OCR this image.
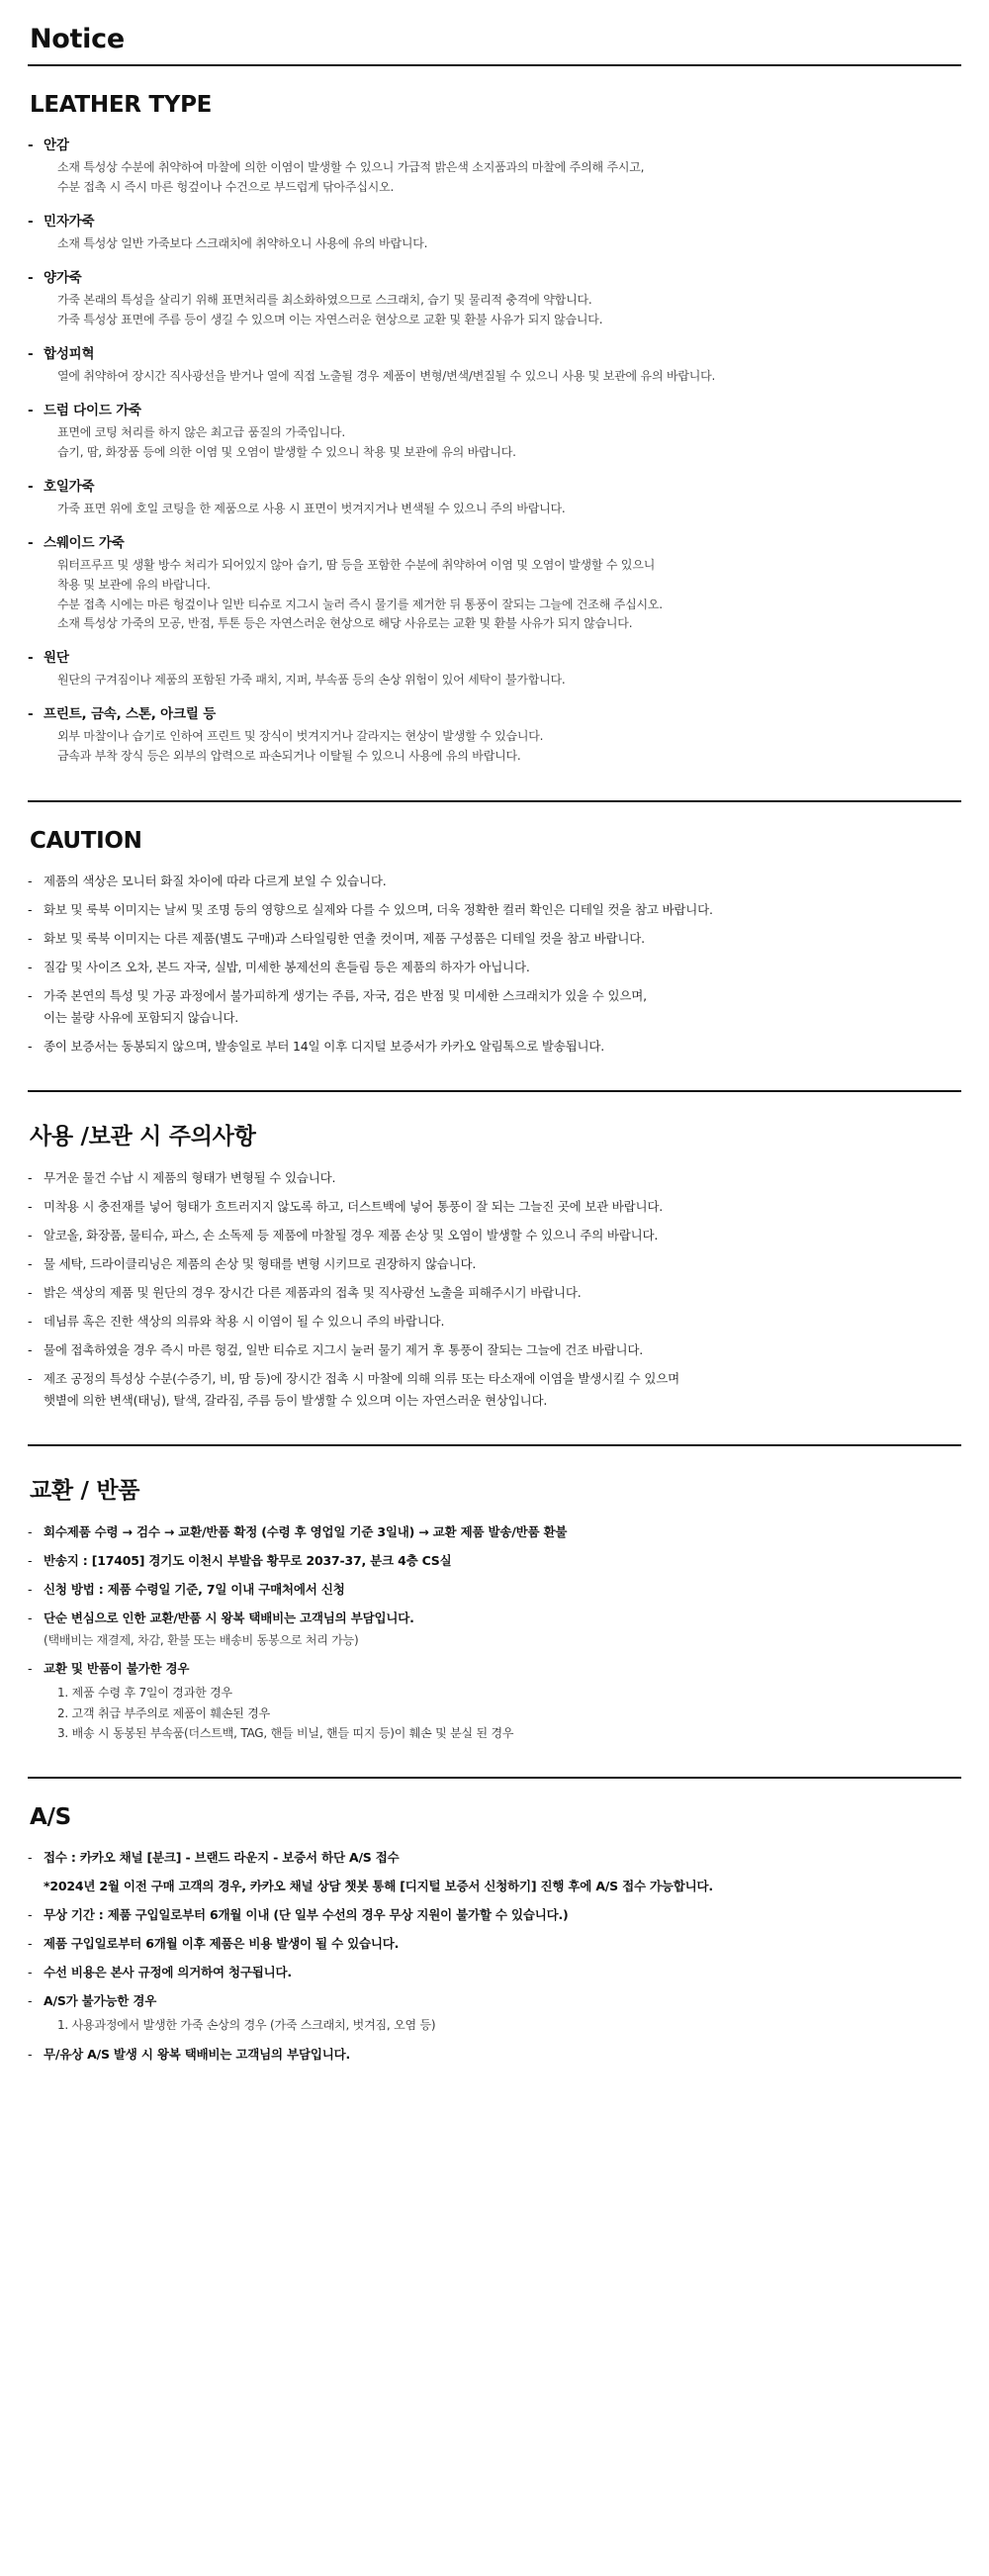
Notice
LEATHER TYPE
- 안감
소재 특성상 수분에 취약하여 마찰에 의한 이염이 발생할 수 있으니 가급적 밝은색 소지품과의 마찰에 주의해 주시고,
수분 접촉 시 즉시 마른 헝겊이나 수건으로 부드럽게 닦아주십시오.
- 민자가죽
소재 특성상 일반 가죽보다 스크래치에 취약하오니 사용에 유의 바랍니다.
- 양가죽
가죽 본래의 특성을 살리기 위해 표면처리를 최소화하였으므로 스크래치, 습기 및 물리적 충격에 약합니다.
가죽 특성상 표면에 주름 등이 생길 수 있으며 이는 자연스러운 현상으로 교환 및 환불 사유가 되지 않습니다.
- 합성피혁
열에 취약하여 장시간 직사광선을 받거나 열에 직접 노출될 경우 제품이 변형/변색/변질될 수 있으니 사용 및 보관에 유의 바랍니다.
- 드럼 다이드 가죽
표면에 코팅 처리를 하지 않은 최고급 품질의 가죽입니다.
습기, 땀, 화장품 등에 의한 이염 및 오염이 발생할 수 있으니 착용 및 보관에 유의 바랍니다.
- 호일가죽
가죽 표면 위에 호일 코팅을 한 제품으로 사용 시 표면이 벗겨지거나 변색될 수 있으니 주의 바랍니다.
- 스웨이드 가죽
워터프루프 및 생활 방수 처리가 되어있지 않아 습기, 땀 등을 포함한 수분에 취약하여 이염 및 오염이 발생할 수 있으니
착용 및 보관에 유의 바랍니다.
수분 접촉 시에는 마른 헝겊이나 일반 티슈로 지그시 눌러 즉시 물기를 제거한 뒤 통풍이 잘되는 그늘에 건조해 주십시오.
소재 특성상 가죽의 모공, 반점, 투톤 등은 자연스러운 현상으로 해당 사유로는 교환 및 환불 사유가 되지 않습니다.
- 원단
원단의 구겨짐이나 제품의 포함된 가죽 패치, 지퍼, 부속품 등의 손상 위험이 있어 세탁이 불가합니다.
- 프린트, 금속, 스톤, 아크릴 등
외부 마찰이나 습기로 인하여 프린트 및 장식이 벗겨지거나 갈라지는 현상이 발생할 수 있습니다.
금속과 부착 장식 등은 외부의 압력으로 파손되거나 이탈될 수 있으니 사용에 유의 바랍니다.
CAUTION
- 제품의 색상은 모니터 화질 차이에 따라 다르게 보일 수 있습니다.
- 화보 및 룩북 이미지는 날씨 및 조명 등의 영향으로 실제와 다를 수 있으며, 더욱 정확한 컬러 확인은 디테일 컷을 참고 바랍니다.
- 화보 및 룩북 이미지는 다른 제품(별도 구매)과 스타일링한 연출 컷이며, 제품 구성품은 디테일 컷을 참고 바랍니다.
- 질감 및 사이즈 오차, 본드 자국, 실밥, 미세한 봉제선의 흔들림 등은 제품의 하자가 아닙니다.
- 가죽 본연의 특성 및 가공 과정에서 불가피하게 생기는 주름, 자국, 검은 반점 및 미세한 스크래치가 있을 수 있으며,
이는 불량 사유에 포함되지 않습니다.
- 종이 보증서는 동봉되지 않으며, 발송일로 부터 14일 이후 디지털 보증서가 카카오 알림톡으로 발송됩니다.
사용 /보관 시 주의사항
- 무거운 물건 수납 시 제품의 형태가 변형될 수 있습니다.
- 미착용 시 충전재를 넣어 형태가 흐트러지지 않도록 하고, 더스트백에 넣어 통풍이 잘 되는 그늘진 곳에 보관 바랍니다.
- 알코올, 화장품, 물티슈, 파스, 손 소독제 등 제품에 마찰될 경우 제품 손상 및 오염이 발생할 수 있으니 주의 바랍니다.
- 물 세탁, 드라이클리닝은 제품의 손상 및 형태를 변형 시키므로 권장하지 않습니다.
- 밝은 색상의 제품 및 원단의 경우 장시간 다른 제품과의 접촉 및 직사광선 노출을 피해주시기 바랍니다.
- 데님류 혹은 진한 색상의 의류와 착용 시 이염이 될 수 있으니 주의 바랍니다.
- 물에 접촉하였을 경우 즉시 마른 헝겊, 일반 티슈로 지그시 눌러 물기 제거 후 통풍이 잘되는 그늘에 건조 바랍니다.
- 제조 공정의 특성상 수분(수증기, 비, 땀 등)에 장시간 접촉 시 마찰에 의해 의류 또는 타소재에 이염을 발생시킬 수 있으며
햇볕에 의한 변색(태닝), 탈색, 갈라짐, 주름 등이 발생할 수 있으며 이는 자연스러운 현상입니다.
교환 / 반품
- 회수제품 수령 → 검수 → 교환/반품 확정 (수령 후 영업일 기준 3일내) → 교환 제품 발송/반품 환불
- 반송지 : [17405] 경기도 이천시 부발읍 황무로 2037-37, 분크 4층 CS실
- 신청 방법 : 제품 수령일 기준, 7일 이내 구매처에서 신청
- 단순 변심으로 인한 교환/반품 시 왕복 택배비는 고객님의 부담입니다.
(택배비는 재결제, 차감, 환불 또는 배송비 동봉으로 처리 가능)
- 교환 및 반품이 불가한 경우
1. 제품 수령 후 7일이 경과한 경우
2. 고객 취급 부주의로 제품이 훼손된 경우
3. 배송 시 동봉된 부속품(더스트백, TAG, 핸들 비닐, 핸들 띠지 등)이 훼손 및 분실 된 경우
A/S
- 접수 : 카카오 채널 [분크] - 브랜드 라운지 - 보증서 하단 A/S 접수
*2024년 2월 이전 구매 고객의 경우, 카카오 채널 상담 챗봇 통해 [디지털 보증서 신청하기] 진행 후에 A/S 접수 가능합니다.
- 무상 기간 : 제품 구입일로부터 6개월 이내 (단 일부 수선의 경우 무상 지원이 불가할 수 있습니다.)
- 제품 구입일로부터 6개월 이후 제품은 비용 발생이 될 수 있습니다.
- 수선 비용은 본사 규정에 의거하여 청구됩니다.
- A/S가 불가능한 경우
1. 사용과정에서 발생한 가죽 손상의 경우 (가죽 스크래치, 벗겨짐, 오염 등)
- 무/유상 A/S 발생 시 왕복 택배비는 고객님의 부담입니다.
